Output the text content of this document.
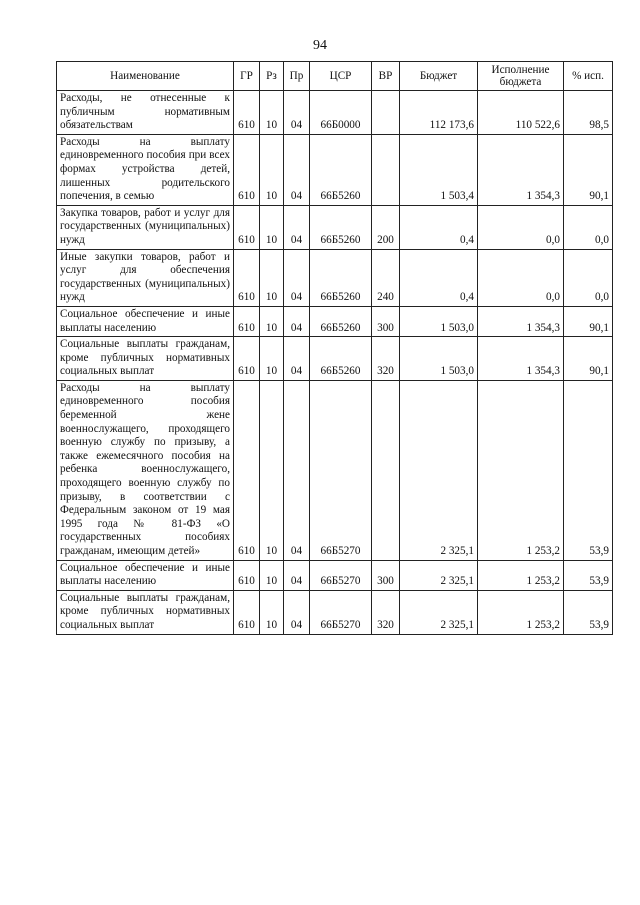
94
Наименование	ГР	Рз	Пр	ЦСР	ВР	Бюджет	Исполнение бюджета	% исп.
Расходы, не отнесенные к публичным нормативным обязательствам	610	10	04	66Б0000		112 173,6	110 522,6	98,5
Расходы на выплату единовременного пособия при всех формах устройства детей, лишенных родительского попечения, в семью	610	10	04	66Б5260		1 503,4	1 354,3	90,1
Закупка товаров, работ и услуг для государственных (муниципальных) нужд	610	10	04	66Б5260	200	0,4	0,0	0,0
Иные закупки товаров, работ и услуг для обеспечения государственных (муниципальных) нужд	610	10	04	66Б5260	240	0,4	0,0	0,0
Социальное обеспечение и иные выплаты населению	610	10	04	66Б5260	300	1 503,0	1 354,3	90,1
Социальные выплаты гражданам, кроме публичных нормативных социальных выплат	610	10	04	66Б5260	320	1 503,0	1 354,3	90,1
Расходы на выплату единовременного пособия беременной жене военнослужащего, проходящего военную службу по призыву, а также ежемесячного пособия на ребенка военнослужащего, проходящего военную службу по призыву, в соответствии с Федеральным законом от 19 мая 1995 года № 81-ФЗ «О государственных пособиях гражданам, имеющим детей»	610	10	04	66Б5270		2 325,1	1 253,2	53,9
Социальное обеспечение и иные выплаты населению	610	10	04	66Б5270	300	2 325,1	1 253,2	53,9
Социальные выплаты гражданам, кроме публичных нормативных социальных выплат	610	10	04	66Б5270	320	2 325,1	1 253,2	53,9
